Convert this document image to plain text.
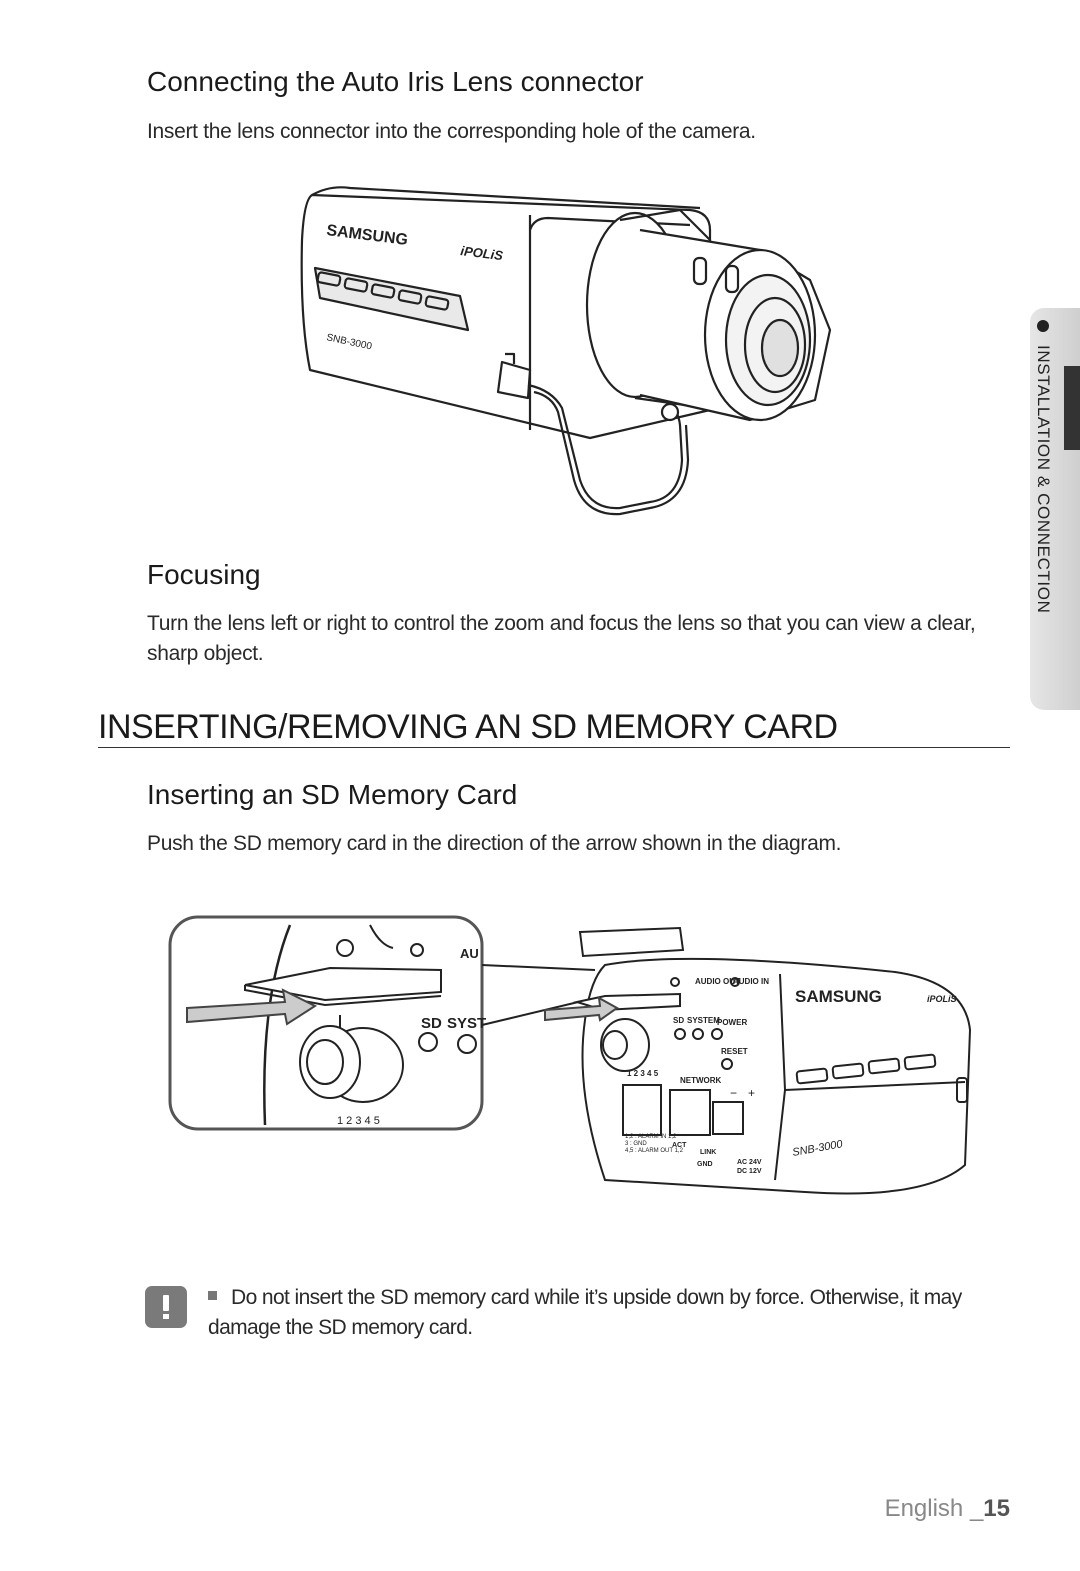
Connecting the Auto Iris Lens connector

Insert the lens connector into the corresponding hole of the camera.

SAMSUNG
iPOLiS
SNB-3000
Focusing

Turn the lens left or right to control the zoom and focus the lens so that you can view a clear, sharp object.

INSERTING/REMOVING AN SD MEMORY CARD
Inserting an SD Memory Card

Push the SD memory card in the direction of the arrow shown in the diagram.

AU
SD SYST
1 2 3 4 5
AUDIO OUT
AUDIO IN
SAMSUNG	iPOLiS
SD SYSTEM
POWER
RESET
1 2 3 4 5
NETWORK
− +
1,2 : ALARM IN 1,2
3 : GND
4,5 : ALARM OUT 1,2
ACT
LINK
GND	AC 24V
DC 12V
SNB-3000
Do not insert the SD memory card while it’s upside down by force. Otherwise, it may damage the SD memory card.
INSTALLATION & CONNECTION
English _15
